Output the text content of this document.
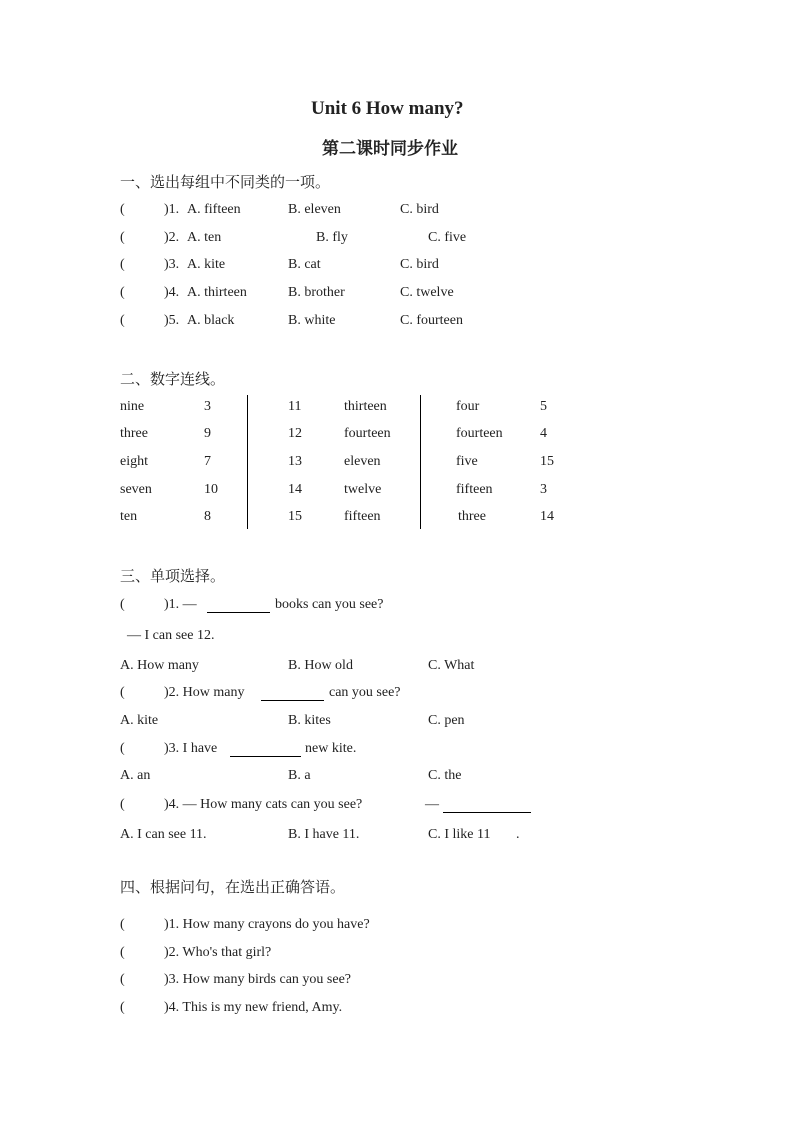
Unit 6 How many?
第二课时同步作业
一、选出每组中不同类的一项。
(	)1. A. fifteen	B. eleven	C. bird
(	)2. A. ten	B. fly	C. five
(	)3. A. kite	B. cat	C. bird
(	)4. A. thirteen	B. brother	C. twelve
(	)5. A. black	B. white	C. fourteen
二、数字连线。
nine	3	11	thirteen	four	5
three	9	12	fourteen	fourteen	4
eight	7	13	eleven	five	15
seven	10	14	twelve	fifteen	3
ten	8	15	fifteen	three	14
三、单项选择。
(	)1. —	books can you see?
— I can see 12.
A. How many	B. How old	C. What
(	)2. How many	can you see?
A. kite	B. kites	C. pen
(	)3. I have	new kite.
A. an	B. a	C. the
(	)4. — How many cats can you see?	—
A. I can see 11.	B. I have 11.	C. I like 11 .
四、根据问句，在选出正确答语。
(	)1. How many crayons do you have?
(	)2. Who's that girl?
(	)3. How many birds can you see?
(	)4. This is my new friend, Amy.
